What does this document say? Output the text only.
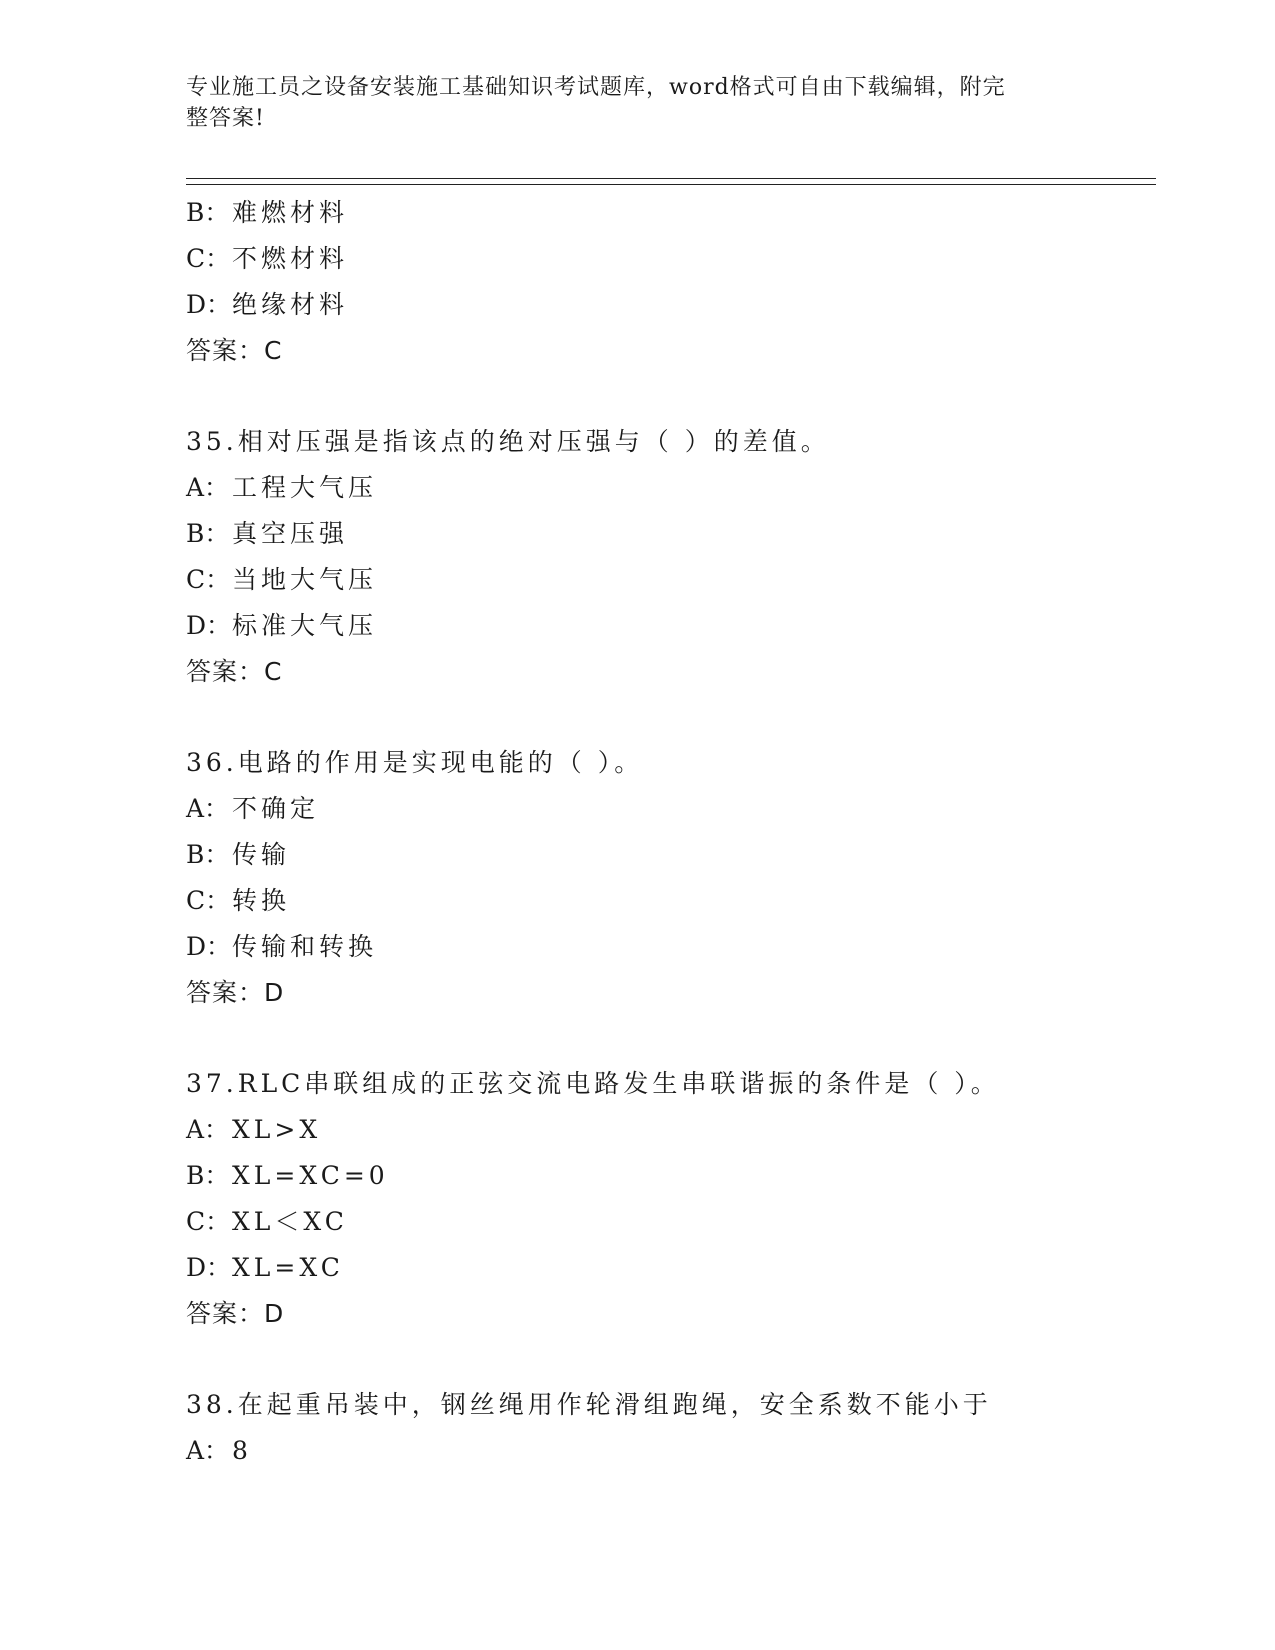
专业施工员之设备安装施工基础知识考试题库，word格式可自由下载编辑，附完
整答案!
B： 难燃材料
C：不燃材料
D：绝缘材料
答案：C
35.相对压强是指该点的绝对压强与（ ）的差值。
A： 工程大气压
B： 真空压强
C：当地大气压
D：标准大气压
答案：C
36.电路的作用是实现电能的（ ）。
A： 不确定
B： 传输
C：转换
D：传输和转换
答案：D
37.RLC串联组成的正弦交流电路发生串联谐振的条件是（ ）。
A： XL>X
B： XL=XC=0
C：XL＜XC
D：XL=XC
答案：D
38.在起重吊装中，钢丝绳用作轮滑组跑绳，安全系数不能小于
A： 8
